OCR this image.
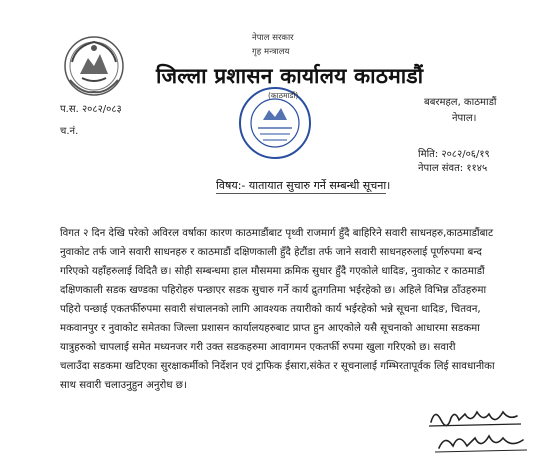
नेपाल सरकार
गृह मन्त्रालय
जिल्ला प्रशासन कार्यालय काठमाडौं
(काठमाडौं)
बबरमहल, काठमाडौं
नेपाल।
प.स. २०८२/०८३
च.नं.
मिति: २०८२/०६/१९
नेपाल संवत: ११४५
विषय:- यातायात सुचारु गर्ने सम्बन्धी सूचना।
विगत २ दिन देखि परेको अविरल वर्षाका कारण काठमाडौंबाट पृथ्वी राजमार्ग हुँदै बाहिरिने सवारी साधनहरु,काठमाडौंबाट
नुवाकोट तर्फ जाने सवारी साधनहरु र काठमाडौं दक्षिणकाली हुँदै हेटौंडा तर्फ जाने सवारी साधनहरुलाई पूर्णरुपमा बन्द
गरिएको यहाँहरुलाई विदितै छ। सोही सम्बन्धमा हाल मौसममा क्रमिक सुधार हुँदै गएकोले धादिङ, नुवाकोट र काठमाडौं
दक्षिणकाली सडक खण्डका पहिरोहरु पन्छाएर सडक सुचारु गर्ने कार्य द्रुतगतिमा भईरहेको छ। अहिले विभिन्न ठाँउहरुमा
पहिरो पन्छाई एकतर्फीरुपमा सवारी संचालनको लागि आवश्यक तयारीको कार्य भईरहेको भन्ने सूचना धादिङ, चितवन,
मकवानपुर र नुवाकोट समेतका जिल्ला प्रशासन कार्यालयहरुबाट प्राप्त हुन आएकोले यसै सूचनाको आधारमा सडकमा
यात्रुहरुको चापलाई समेत मध्यनजर गरी उक्त सडकहरुमा आवागमन एकतर्फी रुपमा खुला गरिएको छ। सवारी
चलाउँदा सडकमा खटिएका सुरक्षाकर्मीको निर्देशन एवं ट्राफिक ईसारा,संकेत र सूचनालाई गम्भिरतापूर्वक लिई सावधानीका
साथ सवारी चलाउनुहुन अनुरोध छ।
